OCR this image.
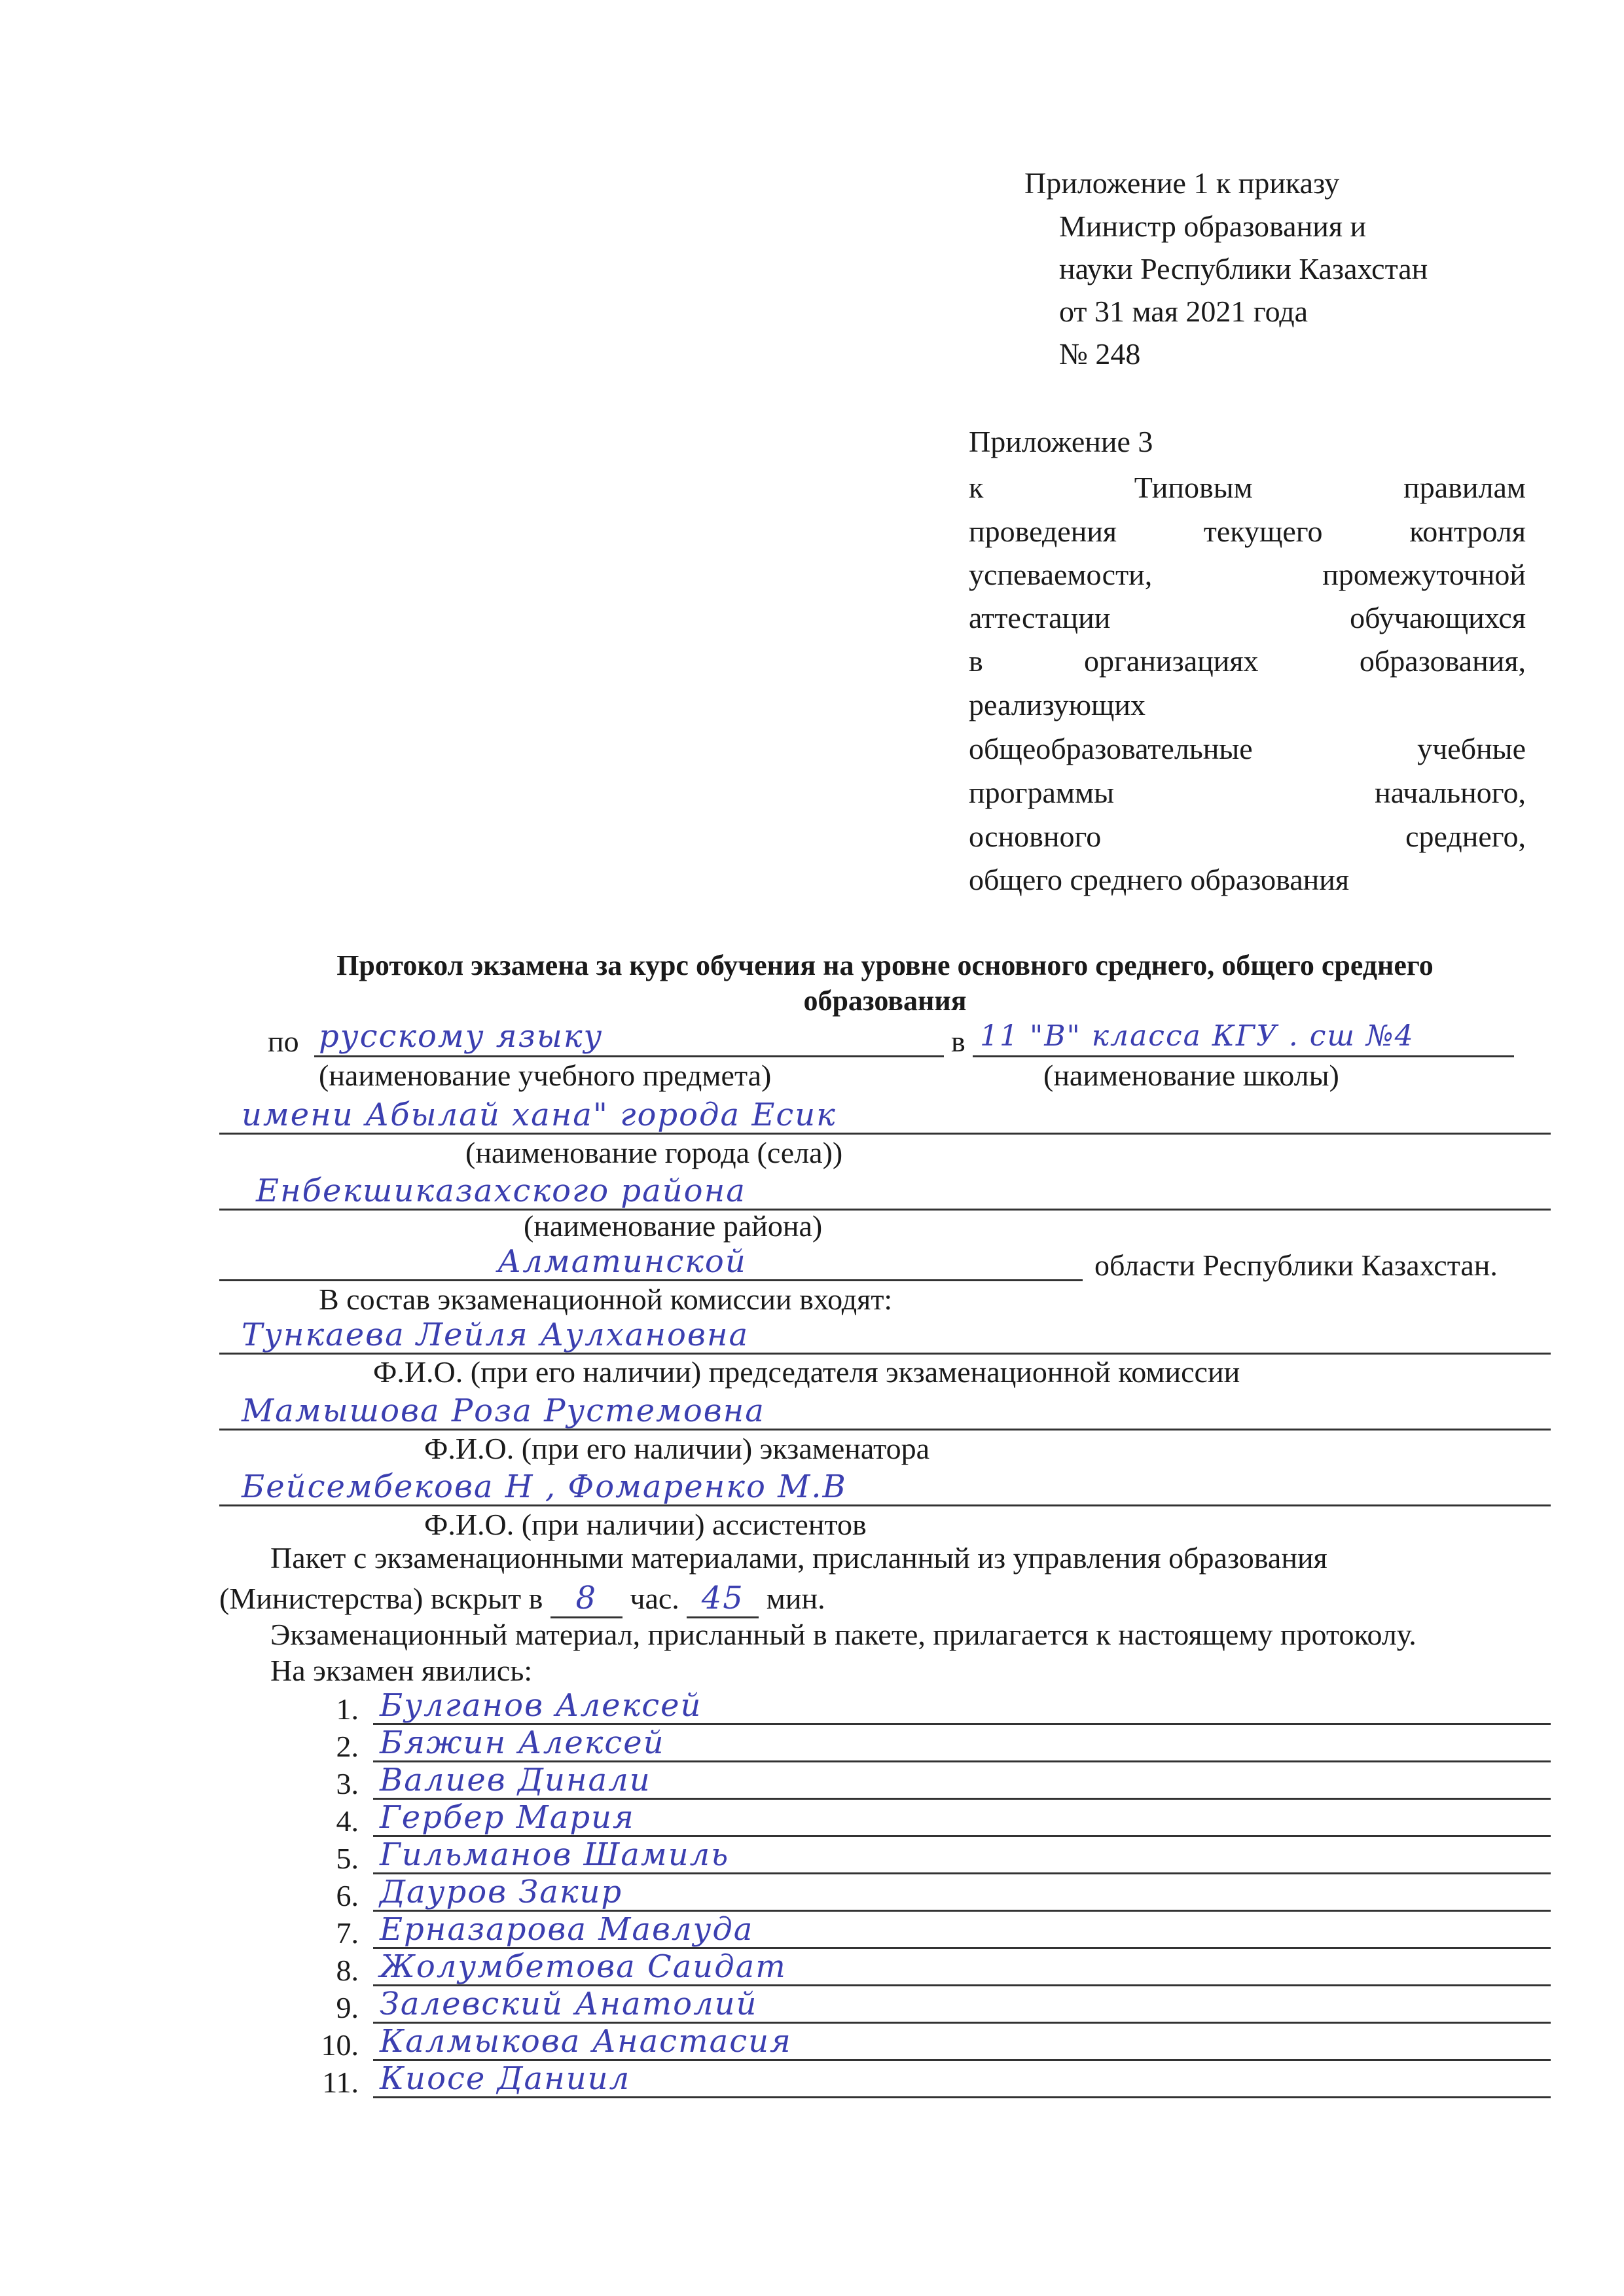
Приложение 1 к приказу
Министр образования и
науки Республики Казахстан
от 31 мая 2021 года
№ 248
Приложение 3
к Типовым правилам
проведения текущего контроля
успеваемости, промежуточной
аттестации обучающихся
в организациях образования,
реализующих
общеобразовательные учебные
программы начального,
основного среднего,
общего среднего образования
Протокол экзамена за курс обучения на уровне основного среднего, общего среднего
образования
по русскому языку	в 11 "В" класса КГУ . сш №4
(наименование учебного предмета)	(наименование школы)
имени Абылай хана" города Есик
(наименование города (села))
Енбекшиказахского района
(наименование района)
Алматинской	области Республики Казахстан.
В состав экзаменационной комиссии входят:
Тункаева Лейля Аулхановна
Ф.И.О. (при его наличии) председателя экзаменационной комиссии
Мамышова Роза Рустемовна
Ф.И.О. (при его наличии) экзаменатора
Бейсембекова Н , Фомаренко М.В
Ф.И.О. (при наличии) ассистентов
Пакет с экзаменационными материалами, присланный из управления образования
(Министерства) вскрыт в 8 час. 45 мин.
Экзаменационный материал, присланный в пакете, прилагается к настоящему протоколу.
На экзамен явились:
1. Булганов Алексей
2. Бяжин Алексей
3. Валиев Динали
4. Гербер Мария
5. Гильманов Шамиль
6. Дауров Закир
7. Ерназарова Мавлуда
8. Жолумбетова Саидат
9. Залевский Анатолий
10. Калмыкова Анастасия
11. Киосе Даниил
